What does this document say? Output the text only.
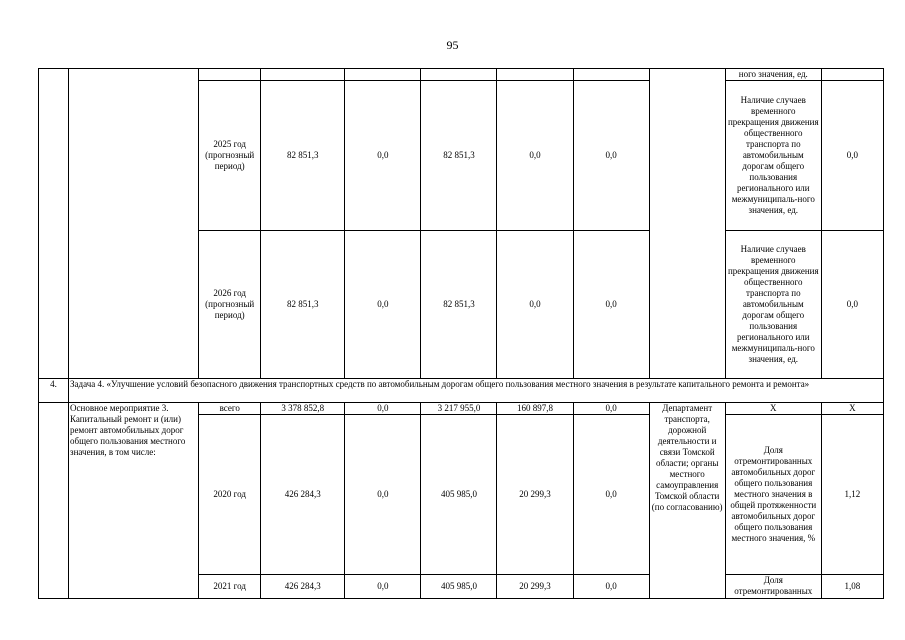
95
									ного значения, ед.	
		2025 год (прогнозный период)	82 851,3	0,0	82 851,3	0,0	0,0		Наличие случаев временного прекращения движения общественного транспорта по автомобильным дорогам общего пользования регионального или межмуниципаль-ного значения, ед.	0,0
		2026 год (прогнозный период)	82 851,3	0,0	82 851,3	0,0	0,0		Наличие случаев временного прекращения движения общественного транспорта по автомобильным дорогам общего пользования регионального или межмуниципаль-ного значения, ед.	0,0
4.	Задача 4. «Улучшение условий безопасного движения транспортных средств по автомобильным дорогам общего пользования местного значения в результате капитального ремонта и ремонта»									
	Основное мероприятие 3. Капитальный ремонт и (или) ремонт автомобильных дорог общего пользования местного значения, в том числе:	всего	3 378 852,8	0,0	3 217 955,0	160 897,8	0,0	Департамент транспорта, дорожной деятельности и связи Томской области; органы местного самоуправления Томской области (по согласованию)	Х	Х
		2020 год	426 284,3	0,0	405 985,0	20 299,3	0,0		Доля отремонтированных автомобильных дорог общего пользования местного значения в общей протяженности автомобильных дорог общего пользования местного значения, %	1,12
		2021 год	426 284,3	0,0	405 985,0	20 299,3	0,0		Доля отремонтированных	1,08
